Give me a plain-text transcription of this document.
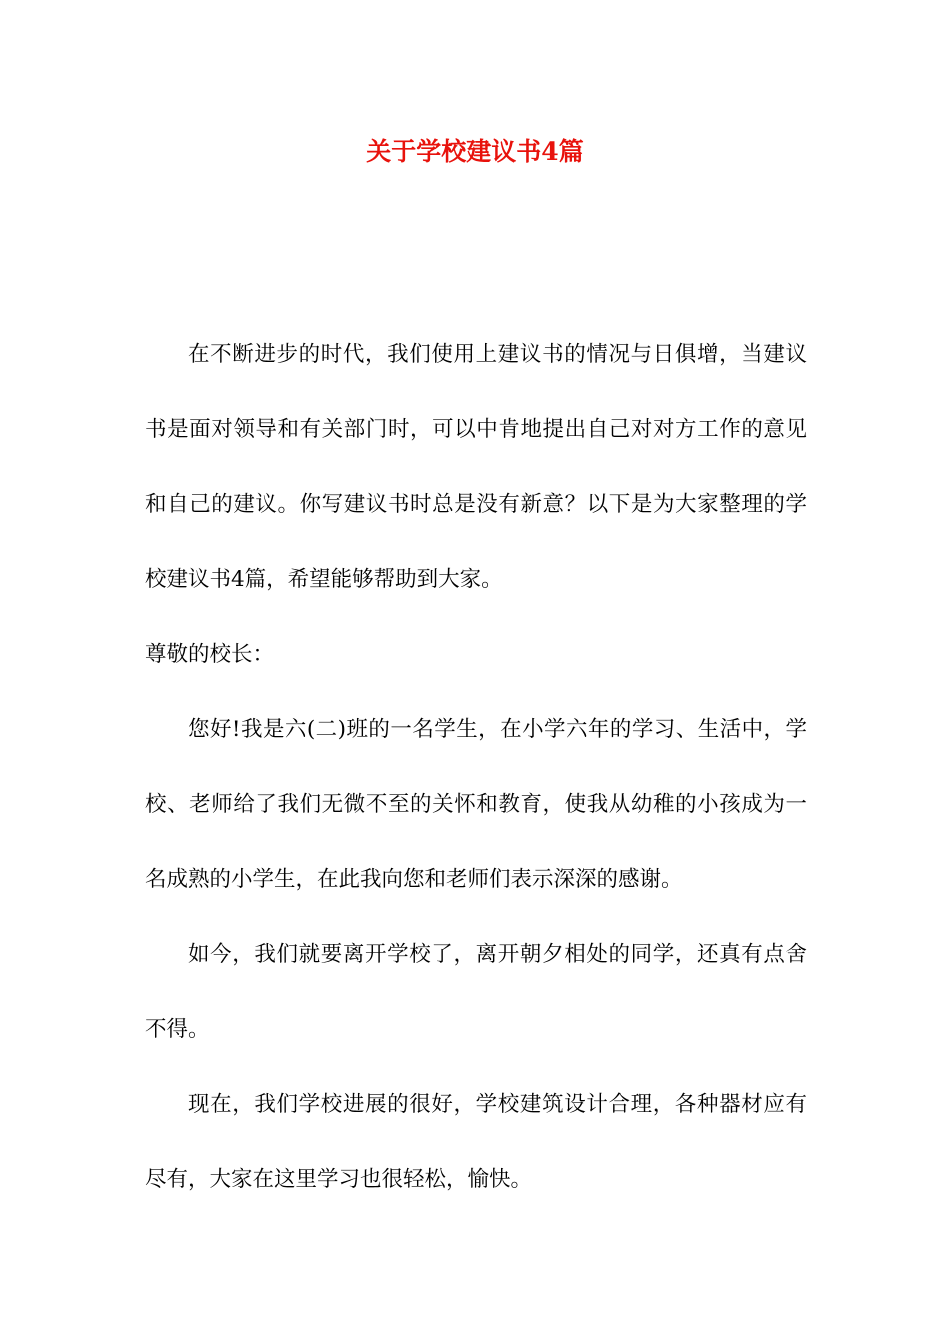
关于学校建议书4篇

在不断进步的时代，我们使用上建议书的情况与日俱增，当建议书是面对领导和有关部门时，可以中肯地提出自己对对方工作的意见和自己的建议。你写建议书时总是没有新意？以下是为大家整理的学校建议书4篇，希望能够帮助到大家。

尊敬的校长：

您好!我是六(二)班的一名学生，在小学六年的学习、生活中，学校、老师给了我们无微不至的关怀和教育，使我从幼稚的小孩成为一名成熟的小学生，在此我向您和老师们表示深深的感谢。

如今，我们就要离开学校了，离开朝夕相处的同学，还真有点舍不得。

现在，我们学校进展的很好，学校建筑设计合理，各种器材应有尽有，大家在这里学习也很轻松，愉快。
